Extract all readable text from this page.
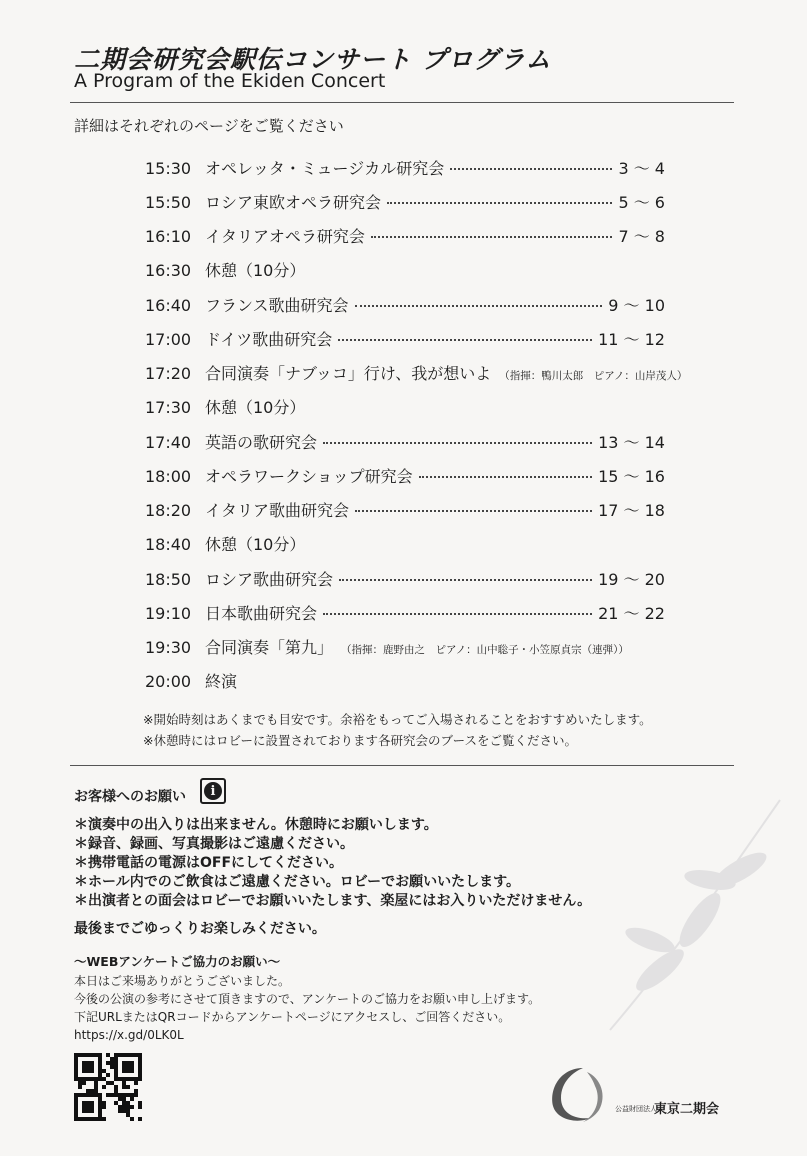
二期会研究会駅伝コンサート プログラム
A Program of the Ekiden Concert
詳細はそれぞれのページをご覧ください
15:30 オペレッタ・ミュージカル研究会	3 ～ 4
15:50 ロシア東欧オペラ研究会	5 ～ 6
16:10 イタリアオペラ研究会	7 ～ 8
16:30 休憩（10分）
16:40 フランス歌曲研究会	9 ～ 10
17:00 ドイツ歌曲研究会	11 ～ 12
17:20 合同演奏「ナブッコ」行け、我が想いよ （指揮：鴨川太郎　ピアノ：山岸茂人）
17:30 休憩（10分）
17:40 英語の歌研究会	13 ～ 14
18:00 オペラワークショップ研究会	15 ～ 16
18:20 イタリア歌曲研究会	17 ～ 18
18:40 休憩（10分）
18:50 ロシア歌曲研究会	19 ～ 20
19:10 日本歌曲研究会	21 ～ 22
19:30 合同演奏「第九」 （指揮：鹿野由之　ピアノ：山中聡子・小笠原貞宗（連弾））
20:00 終演
※開始時刻はあくまでも目安です。余裕をもってご入場されることをおすすめいたします。
※休憩時にはロビーに設置されております各研究会のブースをご覧ください。
お客様へのお願い	i
＊演奏中の出入りは出来ません。休憩時にお願いします。
＊録音、録画、写真撮影はご遠慮ください。
＊携帯電話の電源はOFFにしてください。
＊ホール内でのご飲食はご遠慮ください。ロビーでお願いいたします。
＊出演者との面会はロビーでお願いいたします、楽屋にはお入りいただけません。
最後までごゆっくりお楽しみください。
～WEBアンケートご協力のお願い～
本日はご来場ありがとうございました。
今後の公演の参考にさせて頂きますので、アンケートのご協力をお願い申し上げます。
下記URLまたはQRコードからアンケートページにアクセスし、ご回答ください。
https://x.gd/0LK0L
公益財団法人
東京二期会
